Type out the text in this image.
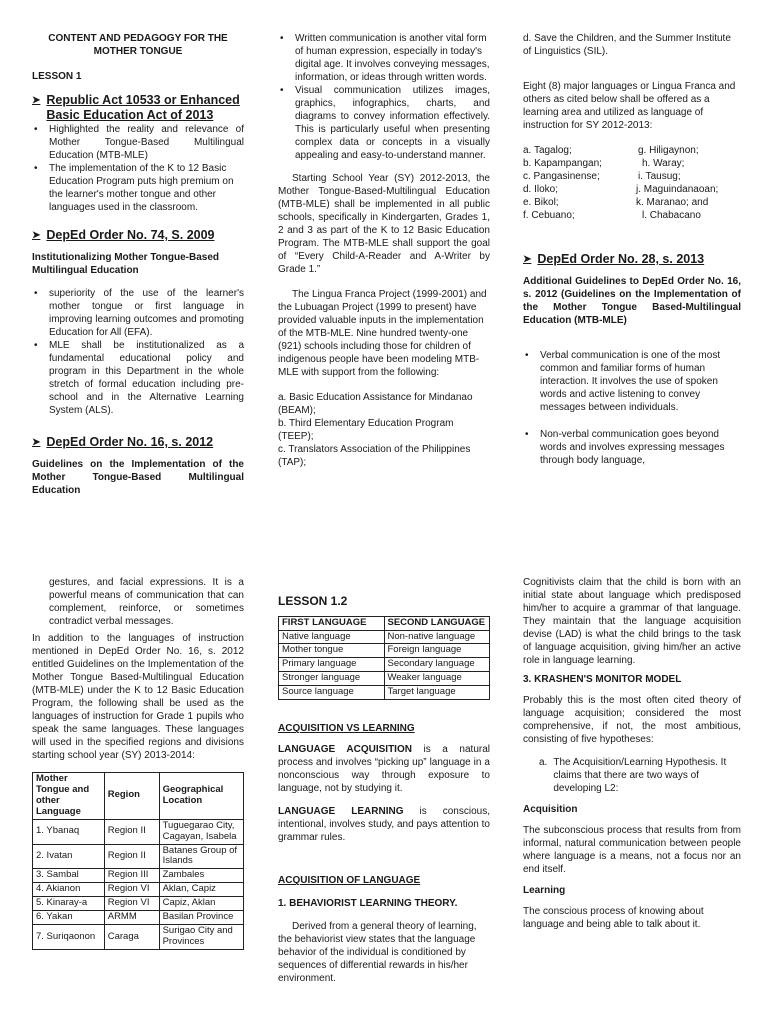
CONTENT AND PEDAGOGY FOR THE MOTHER TONGUE
LESSON 1
➤ Republic Act 10533 or Enhanced Basic Education Act of 2013
• Highlighted the reality and relevance of Mother Tongue-Based Multilingual Education (MTB-MLE)
• The implementation of the K to 12 Basic Education Program puts high premium on the learner's mother tongue and other languages used in the classroom.
➤ DepEd Order No. 74, S. 2009
Institutionalizing Mother Tongue-Based Multilingual Education
• superiority of the use of the learner's mother tongue or first language in improving learning outcomes and promoting Education for All (EFA).
• MLE shall be institutionalized as a fundamental educational policy and program in this Department in the whole stretch of formal education including pre-school and in the Alternative Learning System (ALS).
➤ DepEd Order No. 16, s. 2012
Guidelines on the Implementation of the Mother Tongue-Based Multilingual Education
• Written communication is another vital form of human expression, especially in today's digital age. It involves conveying messages, information, or ideas through written words.
• Visual communication utilizes images, graphics, infographics, charts, and diagrams to convey information effectively. This is particularly useful when presenting complex data or concepts in a visually appealing and easy-to-understand manner.

Starting School Year (SY) 2012-2013, the Mother Tongue-Based-Multilingual Education (MTB-MLE) shall be implemented in all public schools, specifically in Kindergarten, Grades 1, 2 and 3 as part of the K to 12 Basic Education Program. The MTB-MLE shall support the goal of “Every Child-A-Reader and A-Writer by Grade 1.”

The Lingua Franca Project (1999-2001) and the Lubuagan Project (1999 to present) have provided valuable inputs in the implementation of the MTB-MLE. Nine hundred twenty-one (921) schools including those for children of indigenous people have been modeling MTB-MLE with support from the following:

a. Basic Education Assistance for Mindanao (BEAM);
b. Third Elementary Education Program (TEEP);
c. Translators Association of the Philippines (TAP);
d. Save the Children, and the Summer Institute of Linguistics (SIL).

Eight (8) major languages or Lingua Franca and others as cited below shall be offered as a learning area and utilized as language of instruction for SY 2012-2013:

a. Tagalog;
b. Kapampangan;
c. Pangasinense;
d. Iloko;
e. Bikol;
f. Cebuano;
g. Hiligaynon;
h. Waray;
i. Tausug;
j. Maguindanaoan;
k. Maranao; and
l. Chabacano
➤ DepEd Order No. 28, s. 2013
Additional Guidelines to DepEd Order No. 16, s. 2012 (Guidelines on the Implementation of the Mother Tongue Based-Multilingual Education (MTB-MLE)
• Verbal communication is one of the most common and familiar forms of human interaction. It involves the use of spoken words and active listening to convey messages between individuals.
• Non-verbal communication goes beyond words and involves expressing messages through body language,

gestures, and facial expressions. It is a powerful means of communication that can complement, reinforce, or sometimes contradict verbal messages.

In addition to the languages of instruction mentioned in DepEd Order No. 16, s. 2012 entitled Guidelines on the Implementation of the Mother Tongue Based-Multilingual Education (MTB-MLE) under the K to 12 Basic Education Program, the following shall be used as the languages of instruction for Grade 1 pupils who speak the same languages. These languages will used in the specified regions and divisions starting school year (SY) 2013-2014:

Mother Tongue and other Language	Region	Geographical Location
1. Ybanaq	Region II	Tuguegarao City, Cagayan, Isabela
2. Ivatan	Region II	Batanes Group of Islands
3. Sambal	Region III	Zambales
4. Akianon	Region VI	Aklan, Capiz
5. Kinaray-a	Region VI	Capiz, Aklan
6. Yakan	ARMM	Basilan Province
7. Suriqaonon	Caraga	Surigao City and Provinces
LESSON 1.2
FIRST LANGUAGE	SECOND LANGUAGE
Native language	Non-native language
Mother tongue	Foreign language
Primary language	Secondary language
Stronger language	Weaker language
Source language	Target language
ACQUISITION VS LEARNING

LANGUAGE ACQUISITION is a natural process and involves “picking up” language in a nonconscious way through exposure to language, not by studying it.

LANGUAGE LEARNING is conscious, intentional, involves study, and pays attention to grammar rules.

ACQUISITION OF LANGUAGE
1. BEHAVIORIST LEARNING THEORY.

Derived from a general theory of learning, the behaviorist view states that the language behavior of the individual is conditioned by sequences of differential rewards in his/her environment.

Cognitivists claim that the child is born with an initial state about language which predisposed him/her to acquire a grammar of that language. They maintain that the language acquisition devise (LAD) is what the child brings to the task of language acquisition, giving him/her an active role in language learning.

3. KRASHEN'S MONITOR MODEL

Probably this is the most often cited theory of language acquisition; considered the most comprehensive, if not, the most ambitious, consisting of five hypotheses:

a. The Acquisition/Learning Hypothesis. It claims that there are two ways of developing L2:
Acquisition

The subconscious process that results from from informal, natural communication between people where language is a means, not a focus nor an end itself.

Learning

The conscious process of knowing about language and being able to talk about it.
